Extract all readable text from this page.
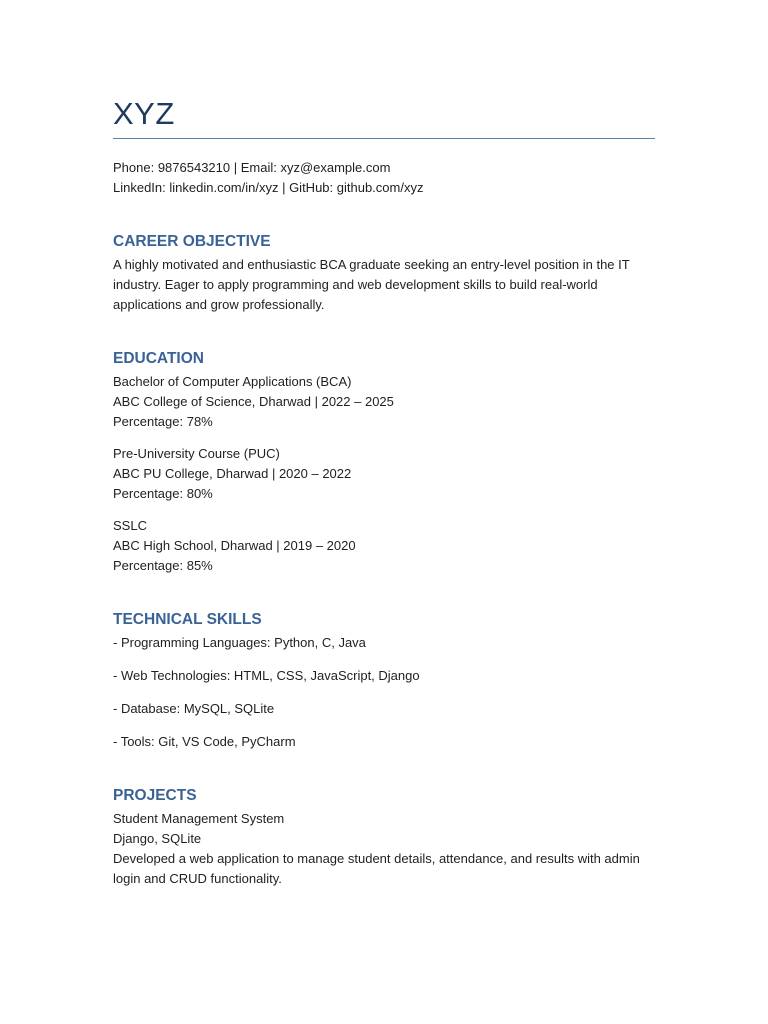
XYZ

Phone: 9876543210 | Email: xyz@example.com

LinkedIn: linkedin.com/in/xyz | GitHub: github.com/xyz

CAREER OBJECTIVE

A highly motivated and enthusiastic BCA graduate seeking an entry-level position in the IT

industry. Eager to apply programming and web development skills to build real-world

applications and grow professionally.

EDUCATION

Bachelor of Computer Applications (BCA)

ABC College of Science, Dharwad | 2022 – 2025

Percentage: 78%

Pre-University Course (PUC)

ABC PU College, Dharwad | 2020 – 2022

Percentage: 80%

SSLC

ABC High School, Dharwad | 2019 – 2020

Percentage: 85%

TECHNICAL SKILLS

- Programming Languages: Python, C, Java

- Web Technologies: HTML, CSS, JavaScript, Django

- Database: MySQL, SQLite

- Tools: Git, VS Code, PyCharm

PROJECTS

Student Management System

Django, SQLite

Developed a web application to manage student details, attendance, and results with admin

login and CRUD functionality.
